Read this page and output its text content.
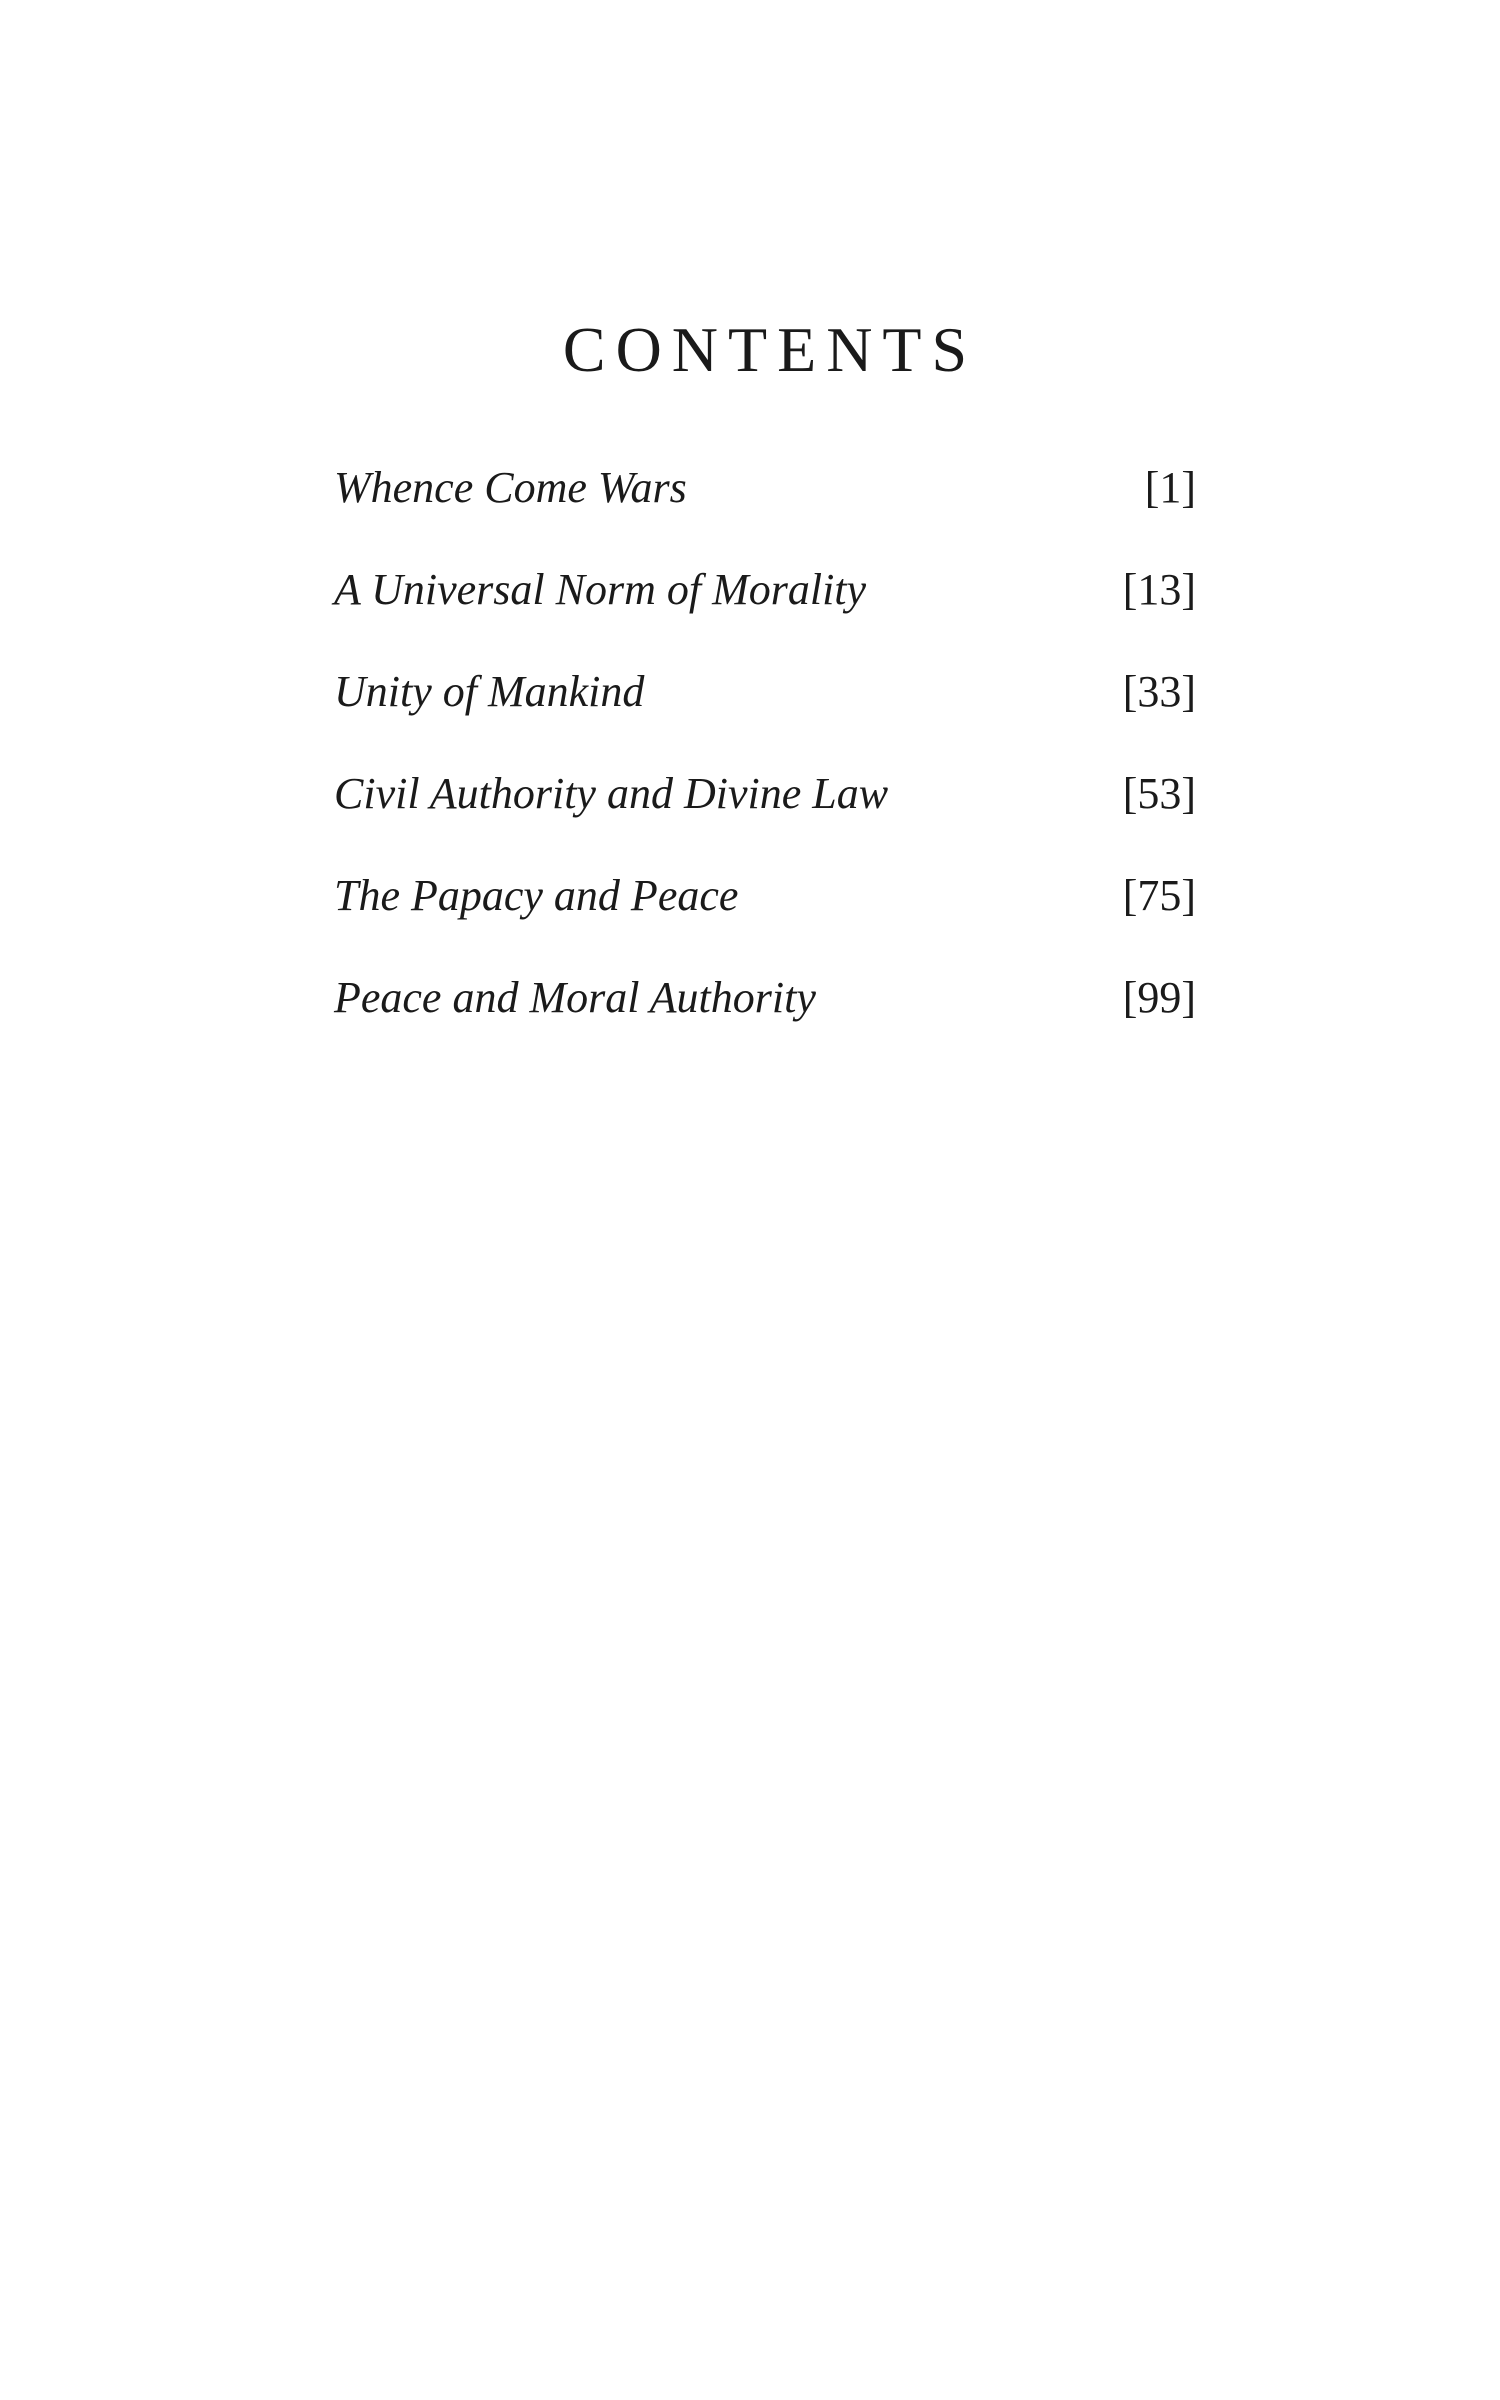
CONTENTS
Whence Come Wars	[1]
A Universal Norm of Morality	[13]
Unity of Mankind	[33]
Civil Authority and Divine Law	[53]
The Papacy and Peace	[75]
Peace and Moral Authority	[99]
